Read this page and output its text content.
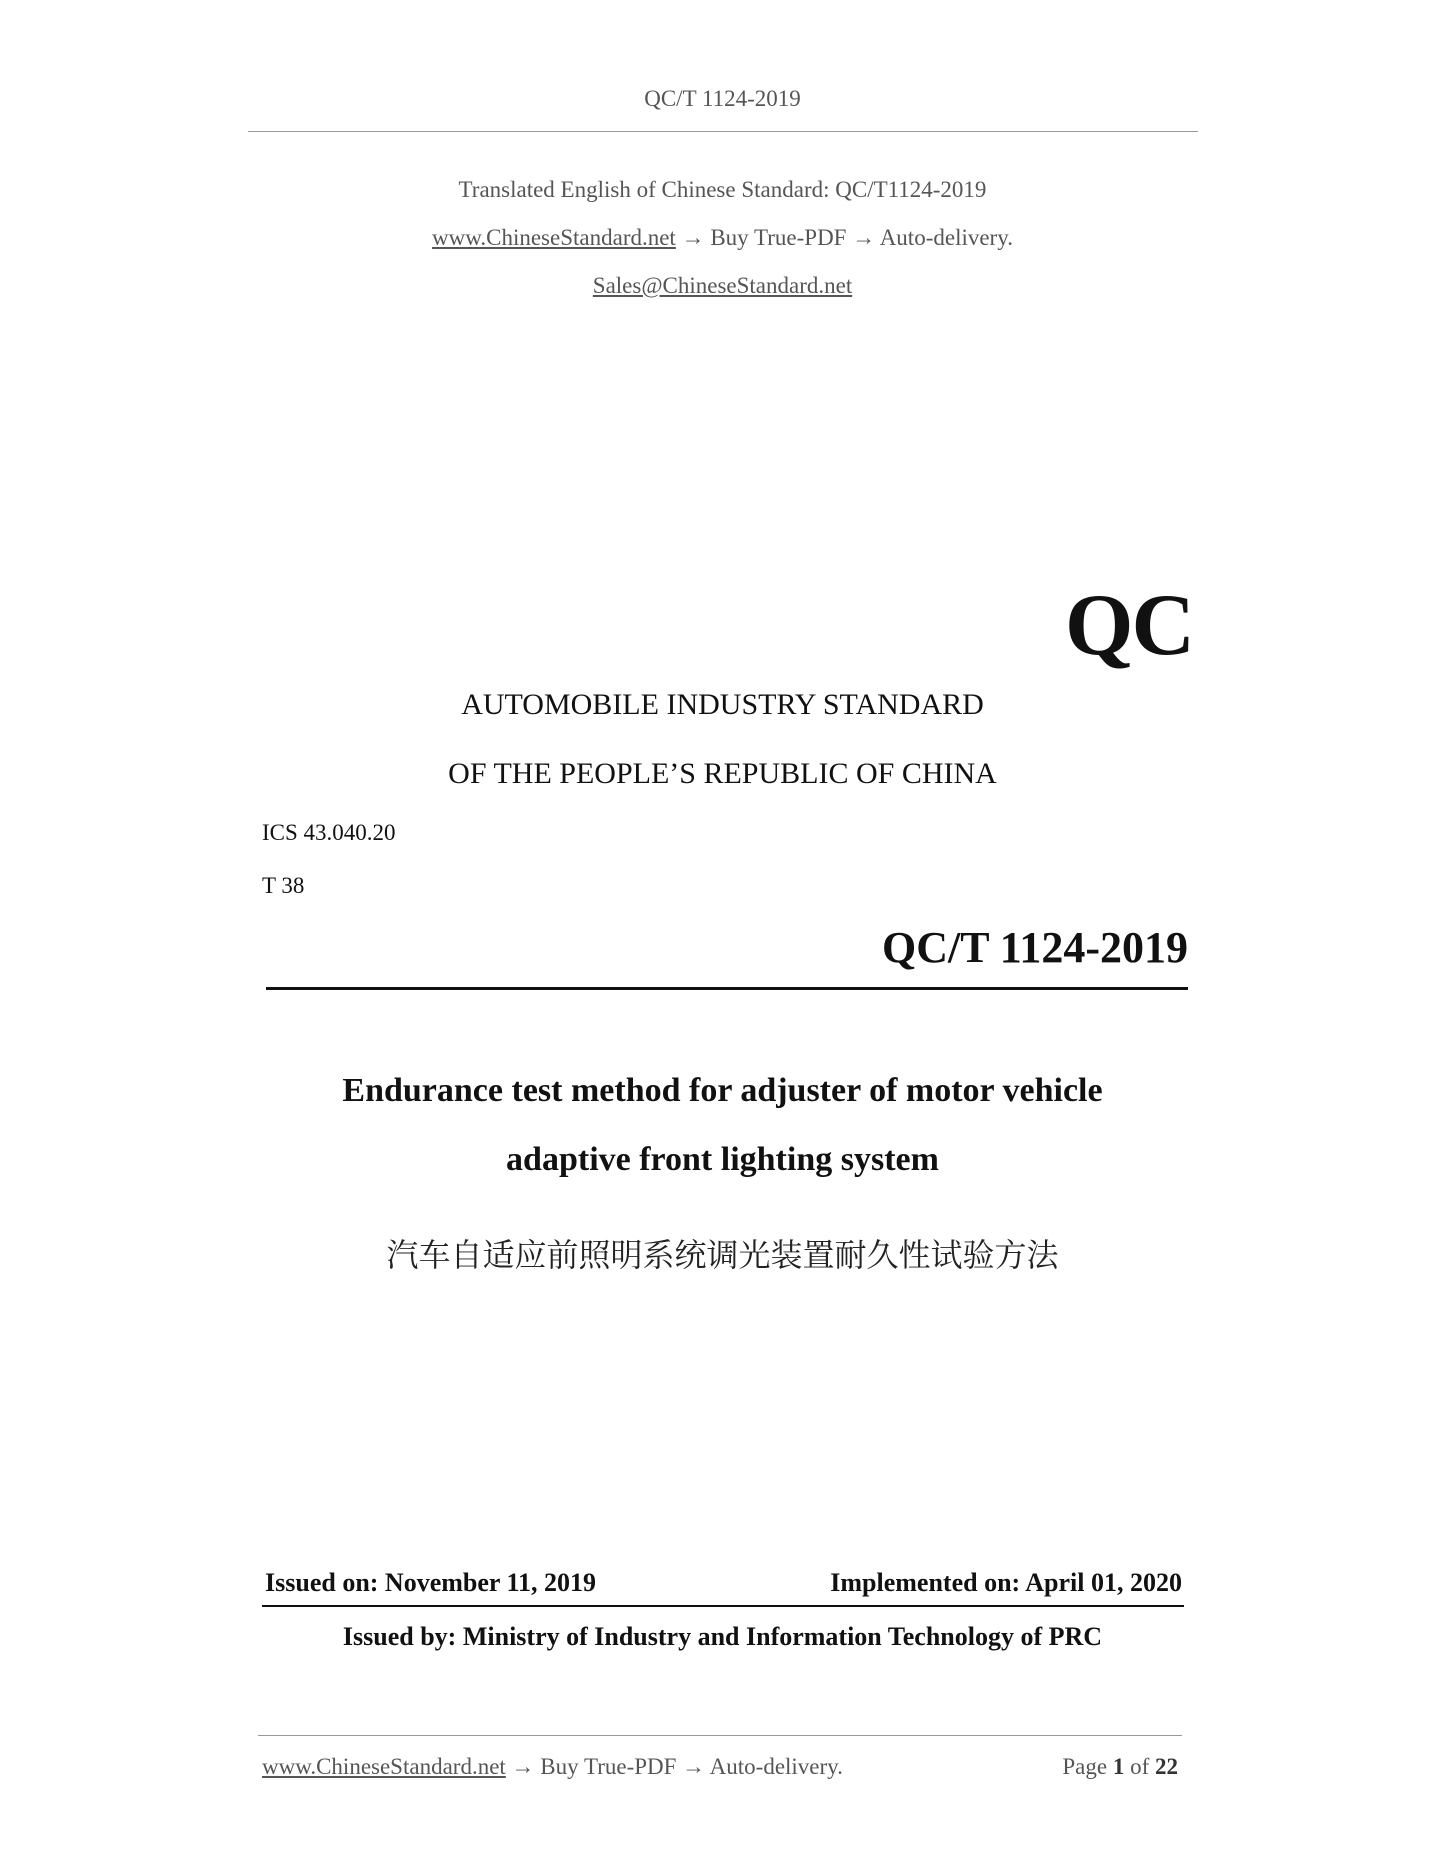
QC/T 1124-2019
Translated English of Chinese Standard: QC/T1124-2019
www.ChineseStandard.net → Buy True-PDF → Auto-delivery.
Sales@ChineseStandard.net
QC
AUTOMOBILE INDUSTRY STANDARD
OF THE PEOPLE’S REPUBLIC OF CHINA
ICS 43.040.20
T 38
QC/T 1124-2019
Endurance test method for adjuster of motor vehicle
adaptive front lighting system
汽车自适应前照明系统调光装置耐久性试验方法
Issued on: November 11, 2019	Implemented on: April 01, 2020
Issued by: Ministry of Industry and Information Technology of PRC
www.ChineseStandard.net → Buy True-PDF → Auto-delivery.	Page 1 of 22
